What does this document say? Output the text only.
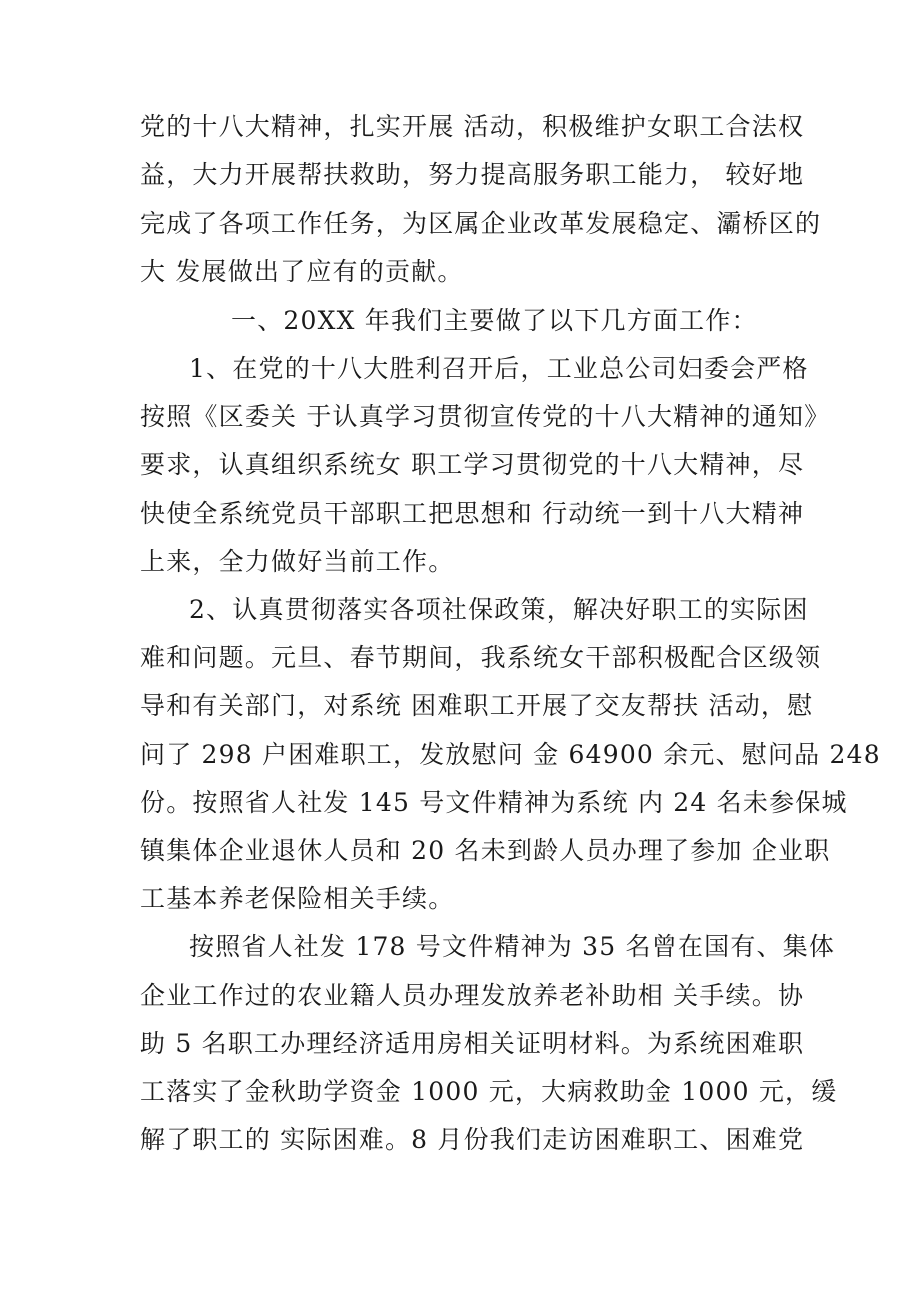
党的十八大精神，扎实开展 活动，积极维护女职工合法权
益，大力开展帮扶救助，努力提高服务职工能力， 较好地
完成了各项工作任务，为区属企业改革发展稳定、灞桥区的
大 发展做出了应有的贡献。
一、20XX 年我们主要做了以下几方面工作：
1、在党的十八大胜利召开后，工业总公司妇委会严格
按照《区委关 于认真学习贯彻宣传党的十八大精神的通知》
要求，认真组织系统女 职工学习贯彻党的十八大精神，尽
快使全系统党员干部职工把思想和 行动统一到十八大精神
上来，全力做好当前工作。
2、认真贯彻落实各项社保政策，解决好职工的实际困
难和问题。元旦、春节期间，我系统女干部积极配合区级领
导和有关部门，对系统 困难职工开展了交友帮扶 活动，慰
问了 298 户困难职工，发放慰问 金 64900 余元、慰问品 248
份。按照省人社发 145 号文件精神为系统 内 24 名未参保城
镇集体企业退休人员和 20 名未到龄人员办理了参加 企业职
工基本养老保险相关手续。
按照省人社发 178 号文件精神为 35 名曾在国有、集体
企业工作过的农业籍人员办理发放养老补助相 关手续。协
助 5 名职工办理经济适用房相关证明材料。为系统困难职
工落实了金秋助学资金 1000 元，大病救助金 1000 元，缓
解了职工的 实际困难。8 月份我们走访困难职工、困难党
